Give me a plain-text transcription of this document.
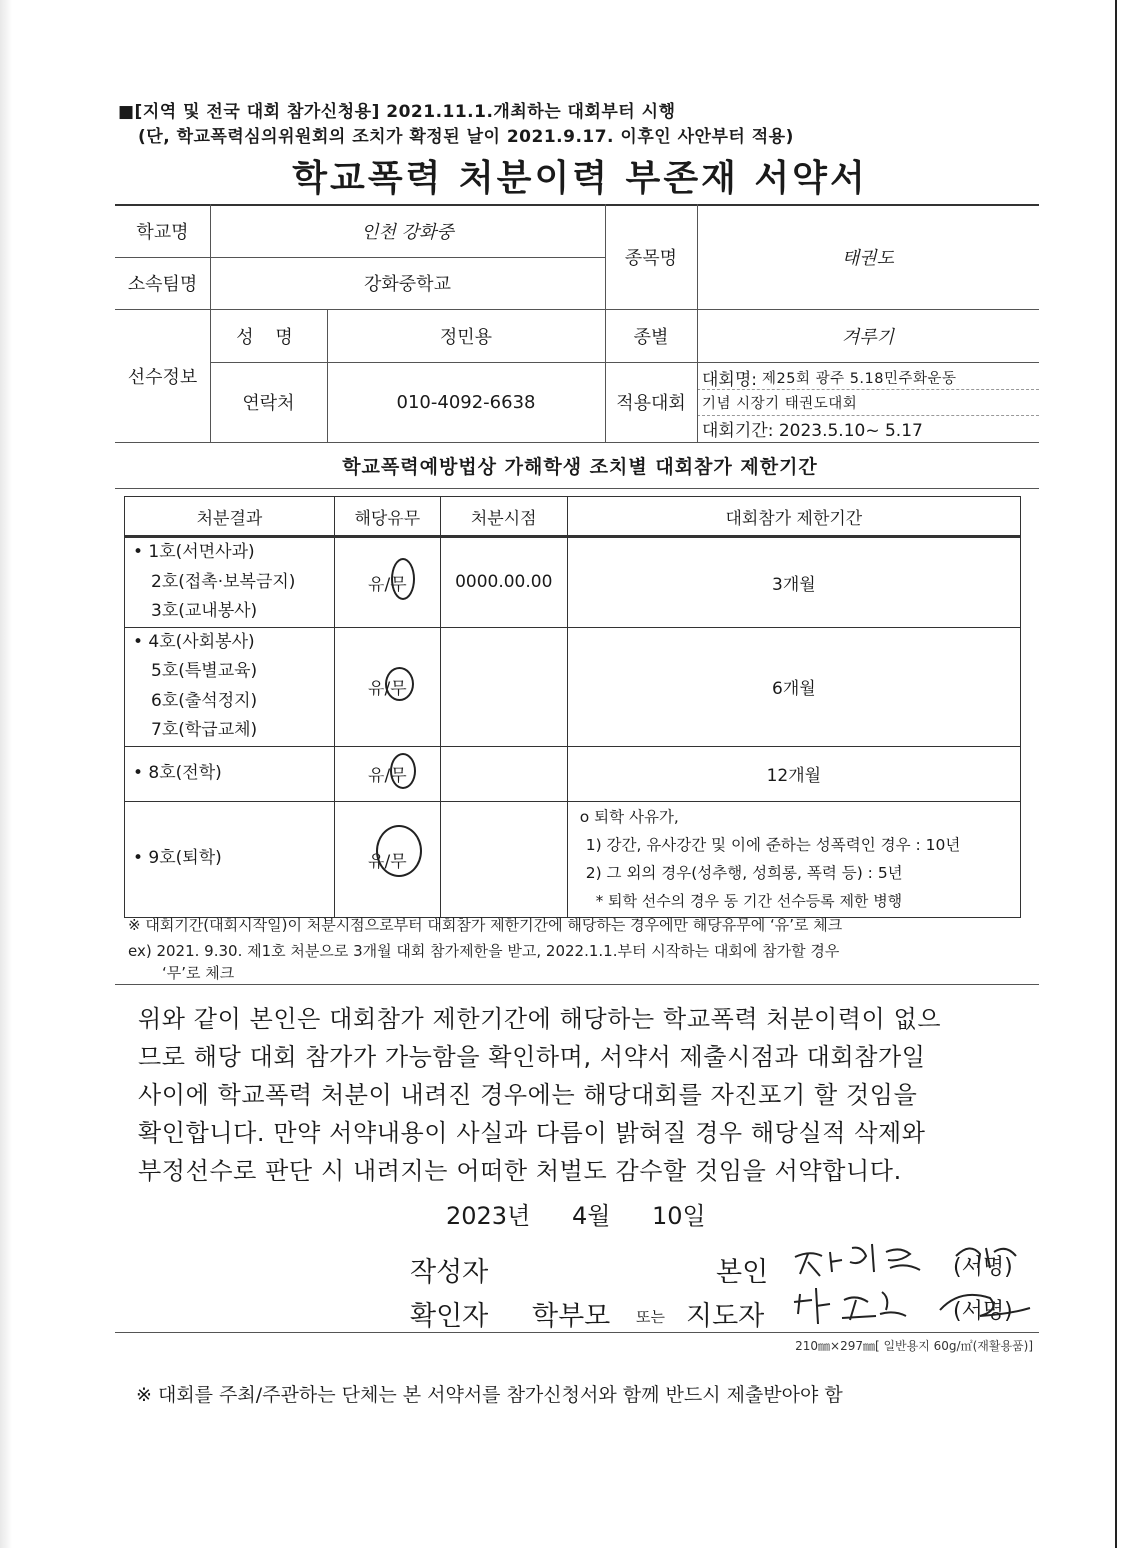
■[지역 및 전국 대회 참가신청용] 2021.11.1.개최하는 대회부터 시행
(단, 학교폭력심의위원회의 조치가 확정된 날이 2021.9.17. 이후인 사안부터 적용)
학교폭력 처분이력 부존재 서약서
학교명	인천 강화중
소속팀명	강화중학교
종목명	태권도
선수정보
성 명	정민용	종별	겨루기
연락처	010-4092-6638	적용대회
대회명: 제25회 광주 5.18민주화운동
기념 시장기 태권도대회
대회기간: 2023.5.10~ 5.17
학교폭력예방법상 가해학생 조치별 대회참가 제한기간
처분결과	해당유무	처분시점	대회참가 제한기간

• 1호(서면사과)
2호(접촉·보복금지)
3호(교내봉사)	유/무	0000.00.00	3개월

• 4호(사회봉사)
5호(특별교육)
6호(출석정지)
7호(학급교체)	유/무		6개월

• 8호(전학)	유/무		12개월

• 9호(퇴학)	유/무		o 퇴학 사유가,
1) 강간, 유사강간 및 이에 준하는 성폭력인 경우 : 10년
2) 그 외의 경우(성추행, 성희롱, 폭력 등) : 5년
* 퇴학 선수의 경우 동 기간 선수등록 제한 병행
※ 대회기간(대회시작일)이 처분시점으로부터 대회참가 제한기간에 해당하는 경우에만 해당유무에 ‘유’로 체크
ex) 2021. 9.30. 제1호 처분으로 3개월 대회 참가제한을 받고, 2022.1.1.부터 시작하는 대회에 참가할 경우
‘무’로 체크
위와 같이 본인은 대회참가 제한기간에 해당하는 학교폭력 처분이력이 없으
므로 해당 대회 참가가 가능함을 확인하며, 서약서 제출시점과 대회참가일
사이에 학교폭력 처분이 내려진 경우에는 해당대회를 자진포기 할 것임을
확인합니다. 만약 서약내용이 사실과 다름이 밝혀질 경우 해당실적 삭제와
부정선수로 판단 시 내려지는 어떠한 처벌도 감수할 것임을 서약합니다.
2023년 4월 10일
작성자	본인	(서명)
확인자 학부모 또는 지도자	(서명)
210㎜×297㎜[ 일반용지 60g/㎡(재활용품)]
※ 대회를 주최/주관하는 단체는 본 서약서를 참가신청서와 함께 반드시 제출받아야 함
